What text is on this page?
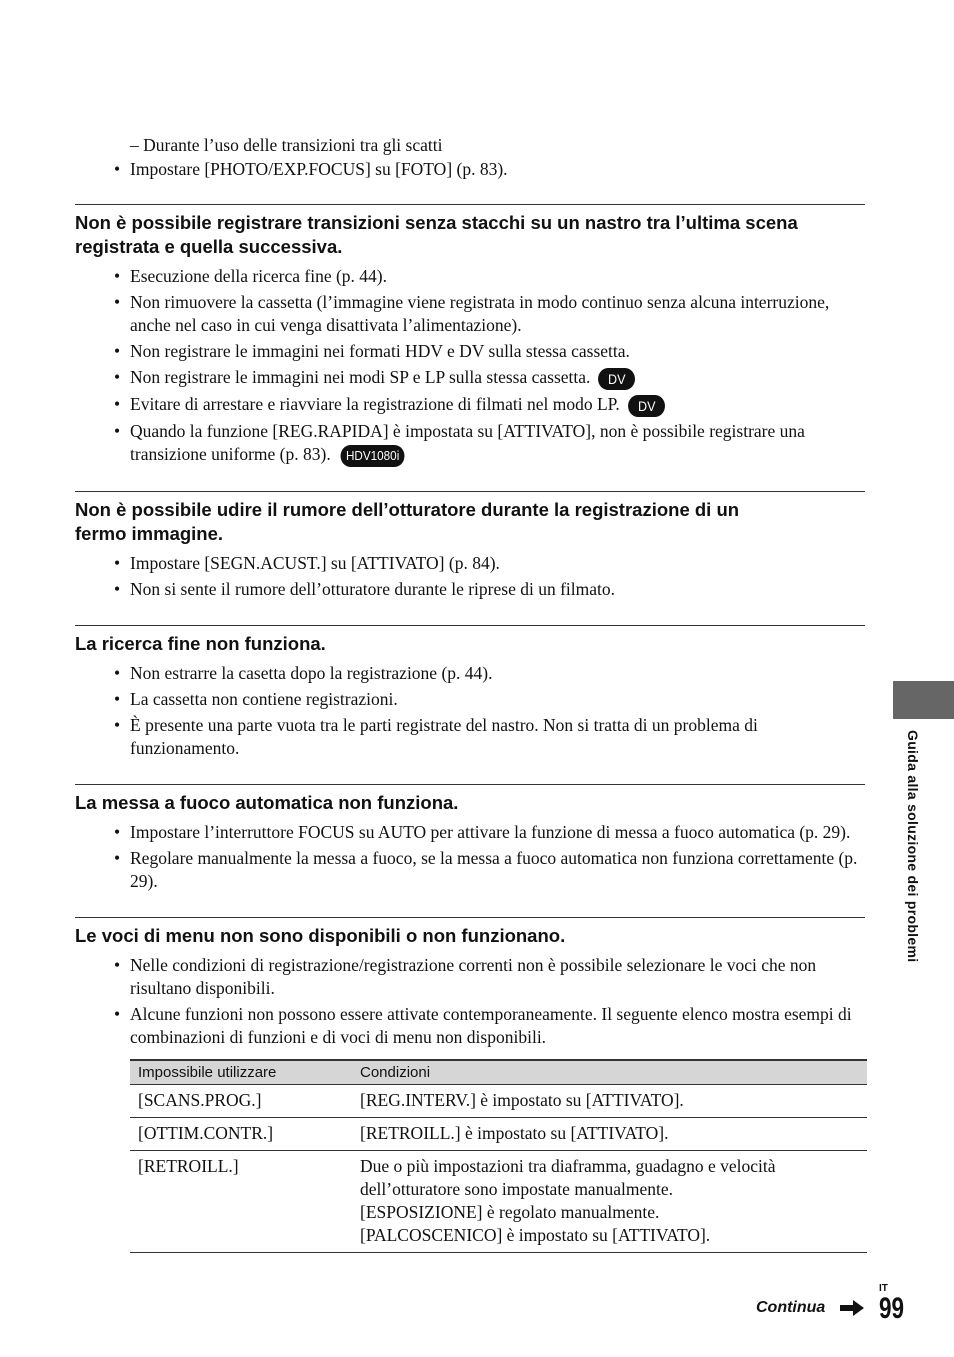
– Durante l’uso delle transizioni tra gli scatti
• Impostare [PHOTO/EXP.FOCUS] su [FOTO] (p. 83).
Non è possibile registrare transizioni senza stacchi su un nastro tra l’ultima scena registrata e quella successiva.
• Esecuzione della ricerca fine (p. 44).
• Non rimuovere la cassetta (l’immagine viene registrata in modo continuo senza alcuna interruzione, anche nel caso in cui venga disattivata l’alimentazione).
• Non registrare le immagini nei formati HDV e DV sulla stessa cassetta.
• Non registrare le immagini nei modi SP e LP sulla stessa cassetta. DV
• Evitare di arrestare e riavviare la registrazione di filmati nel modo LP. DV
• Quando la funzione [REG.RAPIDA] è impostata su [ATTIVATO], non è possibile registrare una transizione uniforme (p. 83). HDV1080i
Non è possibile udire il rumore dell’otturatore durante la registrazione di un fermo immagine.
• Impostare [SEGN.ACUST.] su [ATTIVATO] (p. 84).
• Non si sente il rumore dell’otturatore durante le riprese di un filmato.
La ricerca fine non funziona.
• Non estrarre la casetta dopo la registrazione (p. 44).
• La cassetta non contiene registrazioni.
• È presente una parte vuota tra le parti registrate del nastro. Non si tratta di un problema di funzionamento.
La messa a fuoco automatica non funziona.
• Impostare l’interruttore FOCUS su AUTO per attivare la funzione di messa a fuoco automatica (p. 29).
• Regolare manualmente la messa a fuoco, se la messa a fuoco automatica non funziona correttamente (p. 29).
Le voci di menu non sono disponibili o non funzionano.
• Nelle condizioni di registrazione/registrazione correnti non è possibile selezionare le voci che non risultano disponibili.
• Alcune funzioni non possono essere attivate contemporaneamente. Il seguente elenco mostra esempi di combinazioni di funzioni e di voci di menu non disponibili.
Impossibile utilizzare	Condizioni
[SCANS.PROG.]	[REG.INTERV.] è impostato su [ATTIVATO].
[OTTIM.CONTR.]	[RETROILL.] è impostato su [ATTIVATO].
[RETROILL.]	Due o più impostazioni tra diaframma, guadagno e velocità dell’otturatore sono impostate manualmente.
[ESPOSIZIONE] è regolato manualmente.
[PALCOSCENICO] è impostato su [ATTIVATO].
Guida alla soluzione dei problemi
IT
Continua 99
